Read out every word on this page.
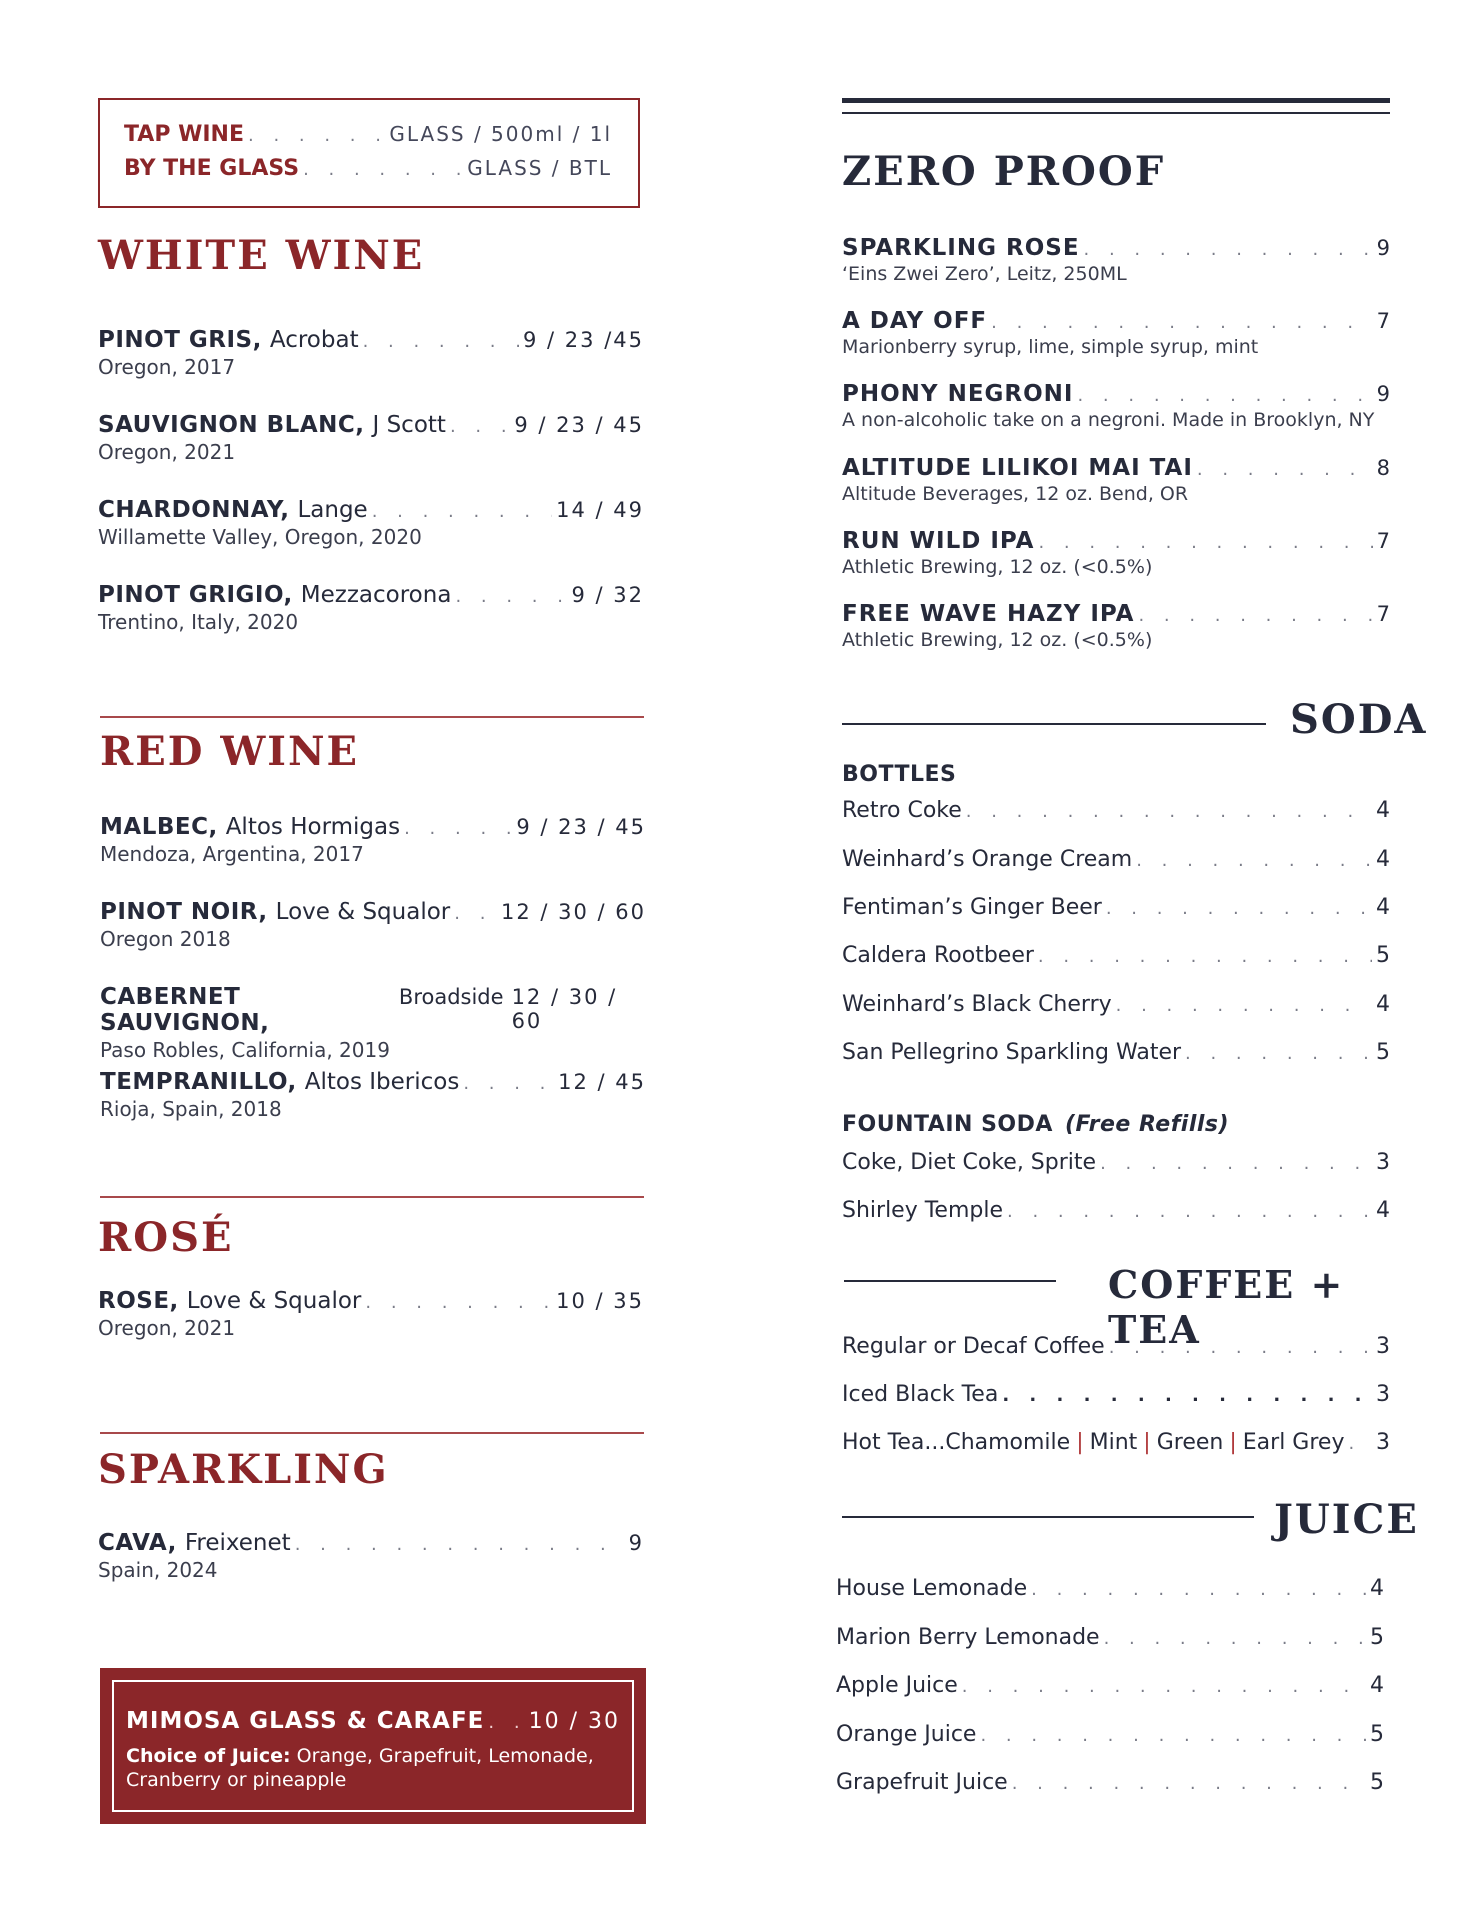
TAP WINE . . .	GLASS / 500ml / 1l
BY THE GLASS . . .	GLASS / BTL
WHITE WINE
PINOT GRIS, Acrobat . . .	9 / 23 /45
Oregon, 2017
SAUVIGNON BLANC, J Scott . . .	9 / 23 / 45
Oregon, 2021
CHARDONNAY, Lange . . .	14 / 49
Willamette Valley, Oregon, 2020
PINOT GRIGIO, Mezzacorona . . .	9 / 32
Trentino, Italy, 2020
RED WINE
MALBEC, Altos Hormigas . . .	9 / 23 / 45
Mendoza, Argentina, 2017
PINOT NOIR, Love & Squalor . . . 12 / 30 / 60
Oregon 2018
CABERNET SAUVIGNON,
Broadside 12 / 30 / 60
Paso Robles, California, 2019
TEMPRANILLO, Altos Ibericos . . .	12 / 45
Rioja, Spain, 2018
ROSÉ
ROSE, Love & Squalor . . .	10 / 35
Oregon, 2021
SPARKLING
CAVA, Freixenet . . .	9
Spain, 2024
MIMOSA GLASS & CARAFE . . . 10 / 30
Choice of Juice: Orange, Grapefruit, Lemonade,
Cranberry or pineapple
ZERO PROOF
SPARKLING ROSE . . .	9
‘Eins Zwei Zero’, Leitz, 250ML
A DAY OFF . . .	7
Marionberry syrup, lime, simple syrup, mint
PHONY NEGRONI . . .	9
A non-alcoholic take on a negroni. Made in Brooklyn, NY
ALTITUDE LILIKOI MAI TAI . . .	8
Altitude Beverages, 12 oz. Bend, OR
RUN WILD IPA . . .	7
Athletic Brewing, 12 oz. (<0.5%)
FREE WAVE HAZY IPA . . .	7
Athletic Brewing, 12 oz. (<0.5%)
SODA
BOTTLES
Retro Coke . . .	4
Weinhard’s Orange Cream . . .	4
Fentiman’s Ginger Beer . . .	4
Caldera Rootbeer . . .	5
Weinhard’s Black Cherry . . .	4
San Pellegrino Sparkling Water . . .	5
FOUNTAIN SODA (Free Refills)
Coke, Diet Coke, Sprite . . .	3
Shirley Temple . . .	4
COFFEE + TEA
Regular or Decaf Coffee . . .	3
Iced Black Tea . . .	3
Hot Tea... Chamomile | Mint | Green | Earl Grey . . . 3
JUICE
House Lemonade . . .	4
Marion Berry Lemonade . . .	5
Apple Juice . . .	4
Orange Juice . . .	5
Grapefruit Juice . . .	5
